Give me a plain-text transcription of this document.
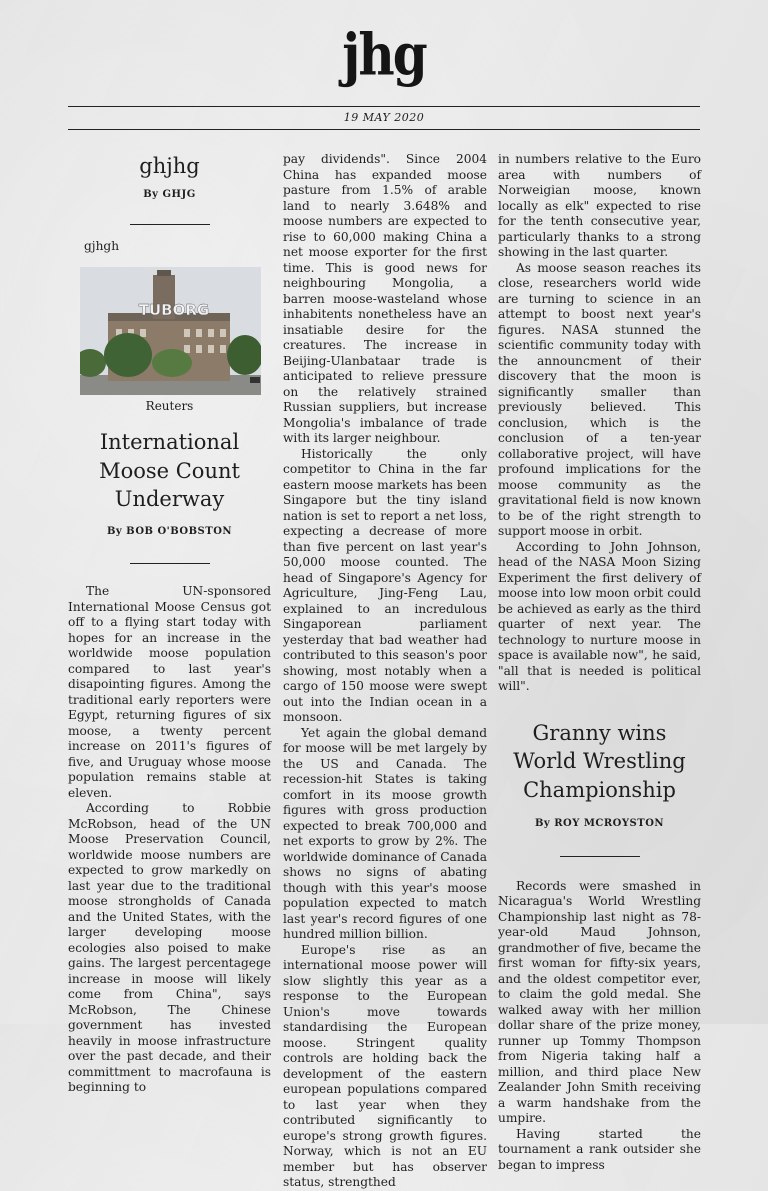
jhg
19 MAY 2020
ghjhg
By GHJG
gjhgh
TUBORG
Reuters
International
Moose Count
Underway
By BOB O'BOBSTON

The UN-sponsored International Moose Census got off to a flying start today with hopes for an increase in the worldwide moose population compared to last year's disapointing figures. Among the traditional early reporters were Egypt, returning figures of six moose, a twenty percent increase on 2011's figures of five, and Uruguay whose moose population remains stable at eleven.

According to Robbie McRobson, head of the UN Moose Preservation Council, worldwide moose numbers are expected to grow markedly on last year due to the traditional moose strongholds of Canada and the United States, with the larger developing moose ecologies also poised to make gains. The largest percentagege increase in moose will likely come from China", says McRobson, The Chinese government has invested heavily in moose infrastructure over the past decade, and their committment to macrofauna is beginning to

pay dividends". Since 2004 China has expanded moose pasture from 1.5% of arable land to nearly 3.648% and moose numbers are expected to rise to 60,000 making China a net moose exporter for the first time. This is good news for neighbouring Mongolia, a barren moose-wasteland whose inhabitents nonetheless have an insatiable desire for the creatures. The increase in Beijing-Ulanbataar trade is anticipated to relieve pressure on the relatively strained Russian suppliers, but increase Mongolia's imbalance of trade with its larger neighbour.

Historically the only competitor to China in the far eastern moose markets has been Singapore but the tiny island nation is set to report a net loss, expecting a decrease of more than five percent on last year's 50,000 moose counted. The head of Singapore's Agency for Agriculture, Jing-Feng Lau, explained to an incredulous Singaporean parliament yesterday that bad weather had contributed to this season's poor showing, most notably when a cargo of 150 moose were swept out into the Indian ocean in a monsoon.

Yet again the global demand for moose will be met largely by the US and Canada. The recession-hit States is taking comfort in its moose growth figures with gross production expected to break 700,000 and net exports to grow by 2%. The worldwide dominance of Canada shows no signs of abating though with this year's moose population expected to match last year's record figures of one hundred million billion.

Europe's rise as an international moose power will slow slightly this year as a response to the European Union's move towards standardising the European moose. Stringent quality controls are holding back the development of the eastern european populations compared to last year when they contributed significantly to europe's strong growth figures. Norway, which is not an EU member but has observer status, strengthed

in numbers relative to the Euro area with numbers of Norweigian moose, known locally as elk" expected to rise for the tenth consecutive year, particularly thanks to a strong showing in the last quarter.

As moose season reaches its close, researchers world wide are turning to science in an attempt to boost next year's figures. NASA stunned the scientific community today with the announcment of their discovery that the moon is significantly smaller than previously believed. This conclusion, which is the conclusion of a ten-year collaborative project, will have profound implications for the moose community as the gravitational field is now known to be of the right strength to support moose in orbit.

According to John Johnson, head of the NASA Moon Sizing Experiment the first delivery of moose into low moon orbit could be achieved as early as the third quarter of next year. The technology to nurture moose in space is available now", he said, "all that is needed is political will".

Granny wins
World Wrestling
Championship
By ROY MCROYSTON

Records were smashed in Nicaragua's World Wrestling Championship last night as 78-year-old Maud Johnson, grandmother of five, became the first woman for fifty-six years, and the oldest competitor ever, to claim the gold medal. She walked away with her million dollar share of the prize money, runner up Tommy Thompson from Nigeria taking half a million, and third place New Zealander John Smith receiving a warm handshake from the umpire.

Having started the tournament a rank outsider she began to impress
